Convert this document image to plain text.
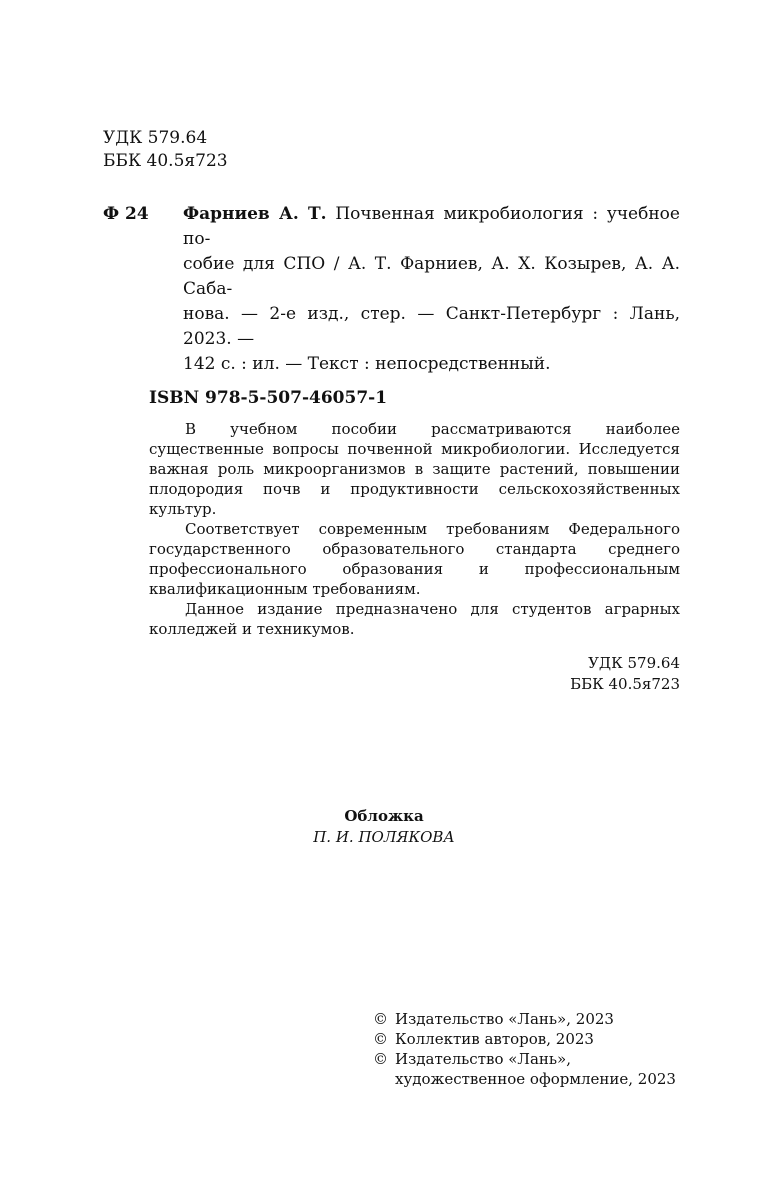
УДК 579.64
ББК 40.5я723
Ф 24	Фарниев А. Т. Почвенная микробиология : учебное по-
собие для СПО / А. Т. Фарниев, А. Х. Козырев, А. А. Саба-
нова. — 2-е изд., стер. — Санкт-Петербург : Лань, 2023. —
142 с. : ил. — Текст : непосредственный.
ISBN 978-5-507-46057-1

В учебном пособии рассматриваются наиболее существенные вопросы почвенной микробиологии. Исследуется важная роль микроорганизмов в защите растений, повышении плодородия почв и продуктивности сельскохозяйственных культур.

Соответствует современным требованиям Федерального государственного образовательного стандарта среднего профессионального образования и профессиональным квалификационным требованиям.

Данное издание предназначено для студентов аграрных колледжей и техникумов.

УДК 579.64
ББК 40.5я723
Обложка
П. И. ПОЛЯКОВА
© Издательство «Лань», 2023
© Коллектив авторов, 2023
© Издательство «Лань»,
художественное оформление, 2023
